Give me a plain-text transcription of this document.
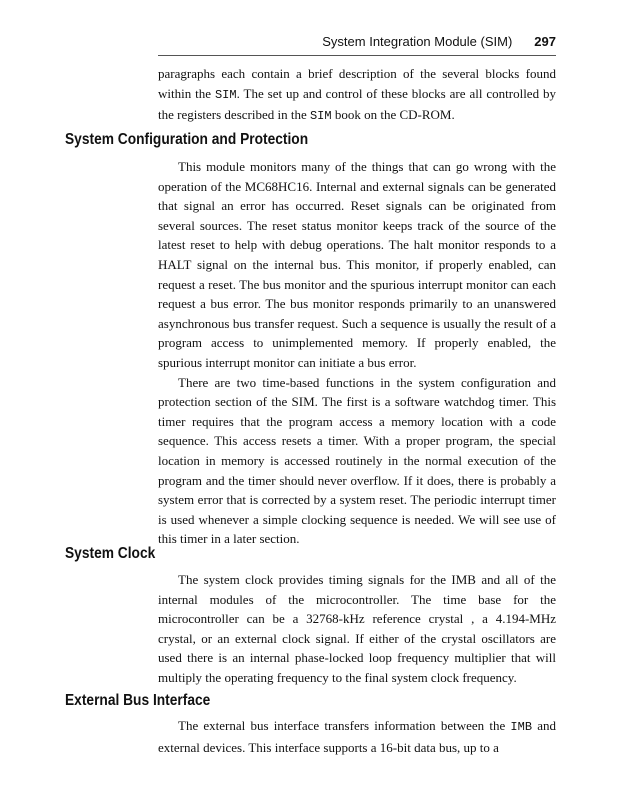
System Integration Module (SIM) 297

paragraphs each contain a brief description of the several blocks found within the SIM. The set up and control of these blocks are all controlled by the registers described in the SIM book on the CD-ROM.

System Configuration and Protection

This module monitors many of the things that can go wrong with the operation of the MC68HC16. Internal and external signals can be generated that signal an error has occurred. Reset signals can be originated from several sources. The reset status monitor keeps track of the source of the latest reset to help with debug operations. The halt monitor responds to a HALT signal on the internal bus. This monitor, if properly enabled, can request a reset. The bus monitor and the spurious interrupt monitor can each request a bus error. The bus monitor responds primarily to an unanswered asynchronous bus transfer request. Such a sequence is usually the result of a program access to unimplemented memory. If properly enabled, the spurious interrupt monitor can initiate a bus error.

There are two time-based functions in the system configuration and protection section of the SIM. The first is a software watchdog timer. This timer requires that the program access a memory location with a code sequence. This access resets a timer. With a proper program, the special location in memory is accessed routinely in the normal execution of the program and the timer should never overflow. If it does, there is probably a system error that is corrected by a system reset. The periodic interrupt timer is used whenever a simple clocking sequence is needed. We will see use of this timer in a later section.

System Clock

The system clock provides timing signals for the IMB and all of the internal modules of the microcontroller. The time base for the microcontroller can be a 32768-kHz reference crystal , a 4.194-MHz crystal, or an external clock signal. If either of the crystal oscillators are used there is an internal phase-locked loop frequency multiplier that will multiply the operating frequency to the final system clock frequency.

External Bus Interface

The external bus interface transfers information between the IMB and external devices. This interface supports a 16-bit data bus, up to a
